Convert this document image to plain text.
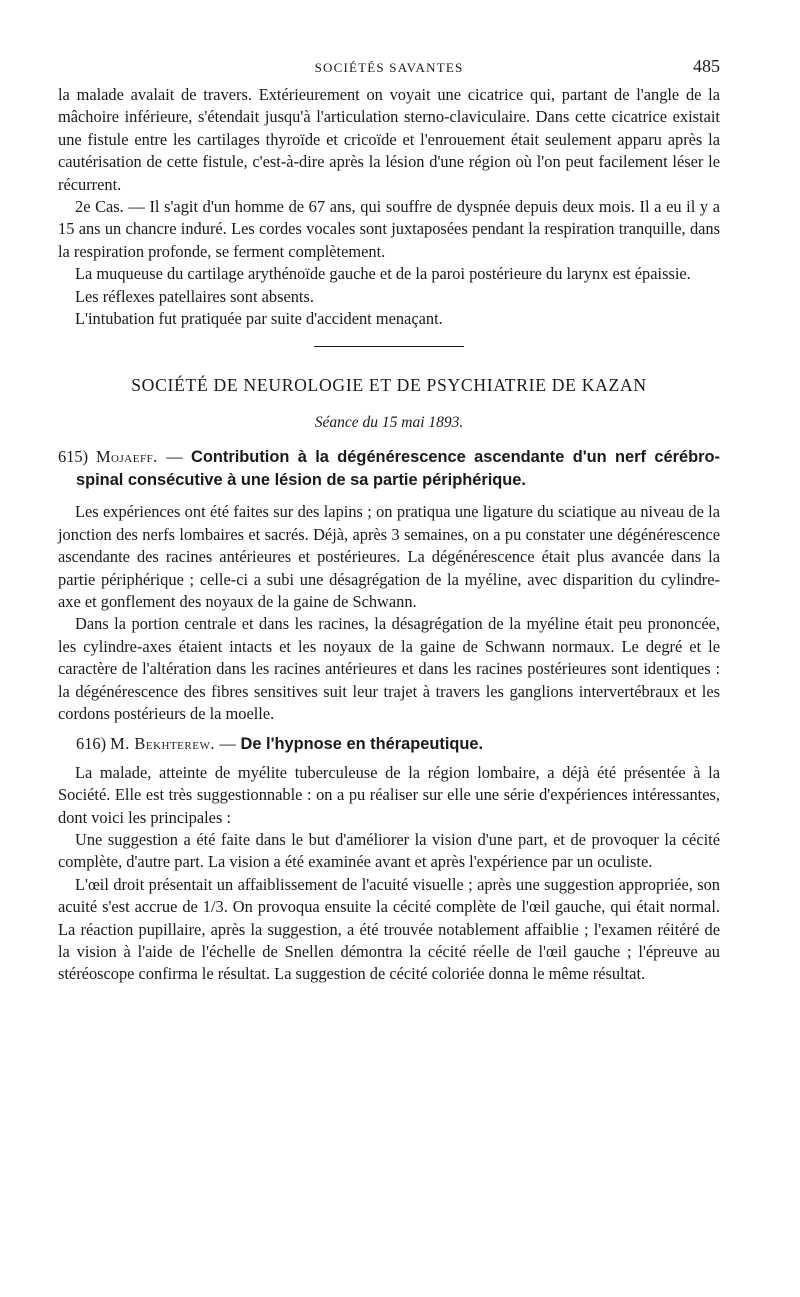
SOCIÉTÉS SAVANTES	485

la malade avalait de travers. Extérieurement on voyait une cicatrice qui, partant de l'angle de la mâchoire inférieure, s'étendait jusqu'à l'articulation sterno-claviculaire. Dans cette cicatrice existait une fistule entre les cartilages thyroïde et cricoïde et l'enrouement était seulement apparu après la cautérisation de cette fistule, c'est-à-dire après la lésion d'une région où l'on peut facilement léser le récurrent.

2e Cas. — Il s'agit d'un homme de 67 ans, qui souffre de dyspnée depuis deux mois. Il a eu il y a 15 ans un chancre induré. Les cordes vocales sont juxtaposées pendant la respiration tranquille, dans la respiration profonde, se ferment complètement.

La muqueuse du cartilage arythénoïde gauche et de la paroi postérieure du larynx est épaissie.

Les réflexes patellaires sont absents.

L'intubation fut pratiquée par suite d'accident menaçant.

SOCIÉTÉ DE NEUROLOGIE ET DE PSYCHIATRIE DE KAZAN
Séance du 15 mai 1893.
615) Mojaeff. — Contribution à la dégénérescence ascendante d'un nerf cérébro-spinal consécutive à une lésion de sa partie périphérique.

Les expériences ont été faites sur des lapins ; on pratiqua une ligature du sciatique au niveau de la jonction des nerfs lombaires et sacrés. Déjà, après 3 semaines, on a pu constater une dégénérescence ascendante des racines antérieures et postérieures. La dégénérescence était plus avancée dans la partie périphérique ; celle-ci a subi une désagrégation de la myéline, avec disparition du cylindre-axe et gonflement des noyaux de la gaine de Schwann.

Dans la portion centrale et dans les racines, la désagrégation de la myéline était peu prononcée, les cylindre-axes étaient intacts et les noyaux de la gaine de Schwann normaux. Le degré et le caractère de l'altération dans les racines antérieures et dans les racines postérieures sont identiques : la dégénérescence des fibres sensitives suit leur trajet à travers les ganglions intervertébraux et les cordons postérieurs de la moelle.

616) M. Bekhterew. — De l'hypnose en thérapeutique.

La malade, atteinte de myélite tuberculeuse de la région lombaire, a déjà été présentée à la Société. Elle est très suggestionnable : on a pu réaliser sur elle une série d'expériences intéressantes, dont voici les principales :

Une suggestion a été faite dans le but d'améliorer la vision d'une part, et de provoquer la cécité complète, d'autre part. La vision a été examinée avant et après l'expérience par un oculiste.

L'œil droit présentait un affaiblissement de l'acuité visuelle ; après une suggestion appropriée, son acuité s'est accrue de 1/3. On provoqua ensuite la cécité complète de l'œil gauche, qui était normal. La réaction pupillaire, après la suggestion, a été trouvée notablement affaiblie ; l'examen réitéré de la vision à l'aide de l'échelle de Snellen démontra la cécité réelle de l'œil gauche ; l'épreuve au stéréoscope confirma le résultat. La suggestion de cécité coloriée donna le même résultat.
